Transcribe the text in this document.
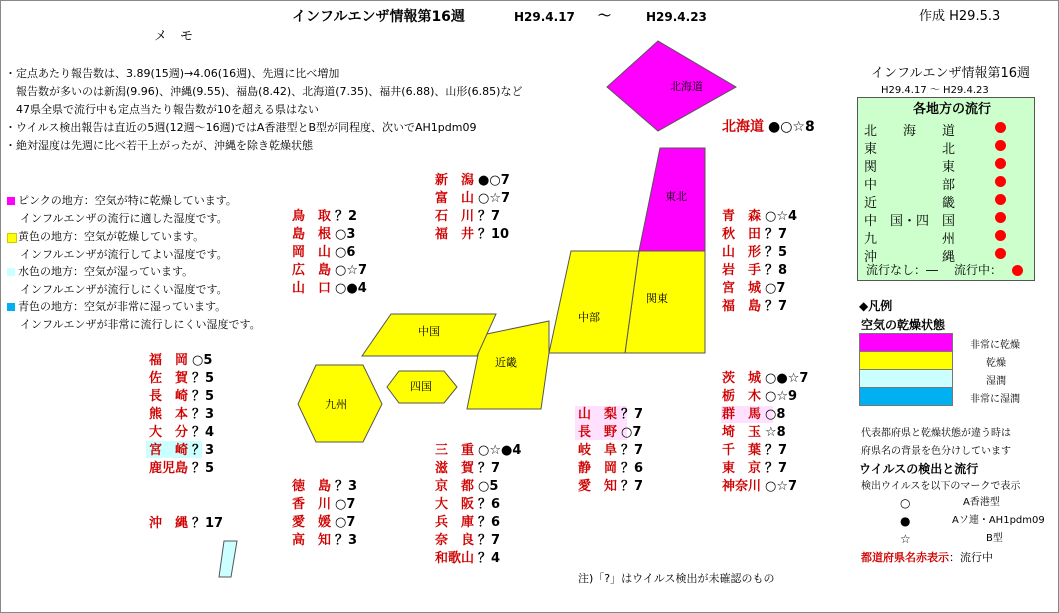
インフルエンザ情報第16週	H29.4.17 ～	H29.4.23	作成 H29.5.3
メ　モ
・定点あたり報告数は、3.89(15週)→4.06(16週)、先週に比べ増加
　報告数が多いのは新潟(9.96)、沖縄(9.55)、福島(8.42)、北海道(7.35)、福井(6.88)、山形(6.85)など
　47県全県で流行中も定点当たり報告数が10を超える県はない
・ウイルス検出報告は直近の5週(12週～16週)ではA香港型とB型が同程度、次いでAH1pdm09
・絶対湿度は先週に比べ若干上がったが、沖縄を除き乾燥状態
ピンクの地方：空気が特に乾燥しています。
インフルエンザの流行に適した湿度です。
黄色の地方：空気が乾燥しています。
インフルエンザが流行してよい湿度です。
水色の地方：空気が湿っています。
インフルエンザが流行しにくい湿度です。
青色の地方：空気が非常に湿っています。
インフルエンザが非常に流行しにくい湿度です。
北海道
東北
関東
中部
近畿
中国
四国
九州
北海道 ●○☆8
新　潟 ●○7
富　山 ○☆7
石　川 ？7
福　井 ？10
鳥　取 ？2
島　根 ○3
岡　山 ○6
広　島 ○☆7
山　口 ○●4
青　森 ○☆4
秋　田 ？7
山　形 ？5
岩　手 ？8
宮　城 ○7
福　島 ？7
福　岡 ○5
佐　賀 ？5
長　崎 ？5
熊　本 ？3
大　分 ？4
宮　崎 ？3
鹿児島 ？5
沖　縄 ？17
徳　島 ？3
香　川 ○7
愛　媛 ○7
高　知 ？3
三　重 ○☆●4
滋　賀 ？7
京　都 ○5
大　阪 ？6
兵　庫 ？6
奈　良 ？7
和歌山 ？4
山　梨 ？7
長　野 ○7
岐　阜 ？7
静　岡 ？6
愛　知 ？7
茨　城 ○●☆7
栃　木 ○☆9
群　馬 ○8
埼　玉 ☆8
千　葉 ？7
東　京 ？7
神奈川 ○☆7
注)「?」はウイルス検出が未確認のもの
インフルエンザ情報第16週
H29.4.17 ～ H29.4.23
各地方の流行
北　　海　　道
東　　　　　北
関　　　　　東
中　　　　　部
近　　　　　畿
中　国・四　国
九　　　　　州
沖　　　　　縄
流行なし：― 流行中：
◆凡例
空気の乾燥状態
非常に乾燥
乾燥
湿潤
非常に湿潤
代表都府県と乾燥状態が違う時は
府県名の背景を色分けしています
ウイルスの検出と流行
検出ウイルスを以下のマークで表示
○	A香港型
●	Aソ連・AH1pdm09
☆	B型
都道府県名赤表示：流行中
